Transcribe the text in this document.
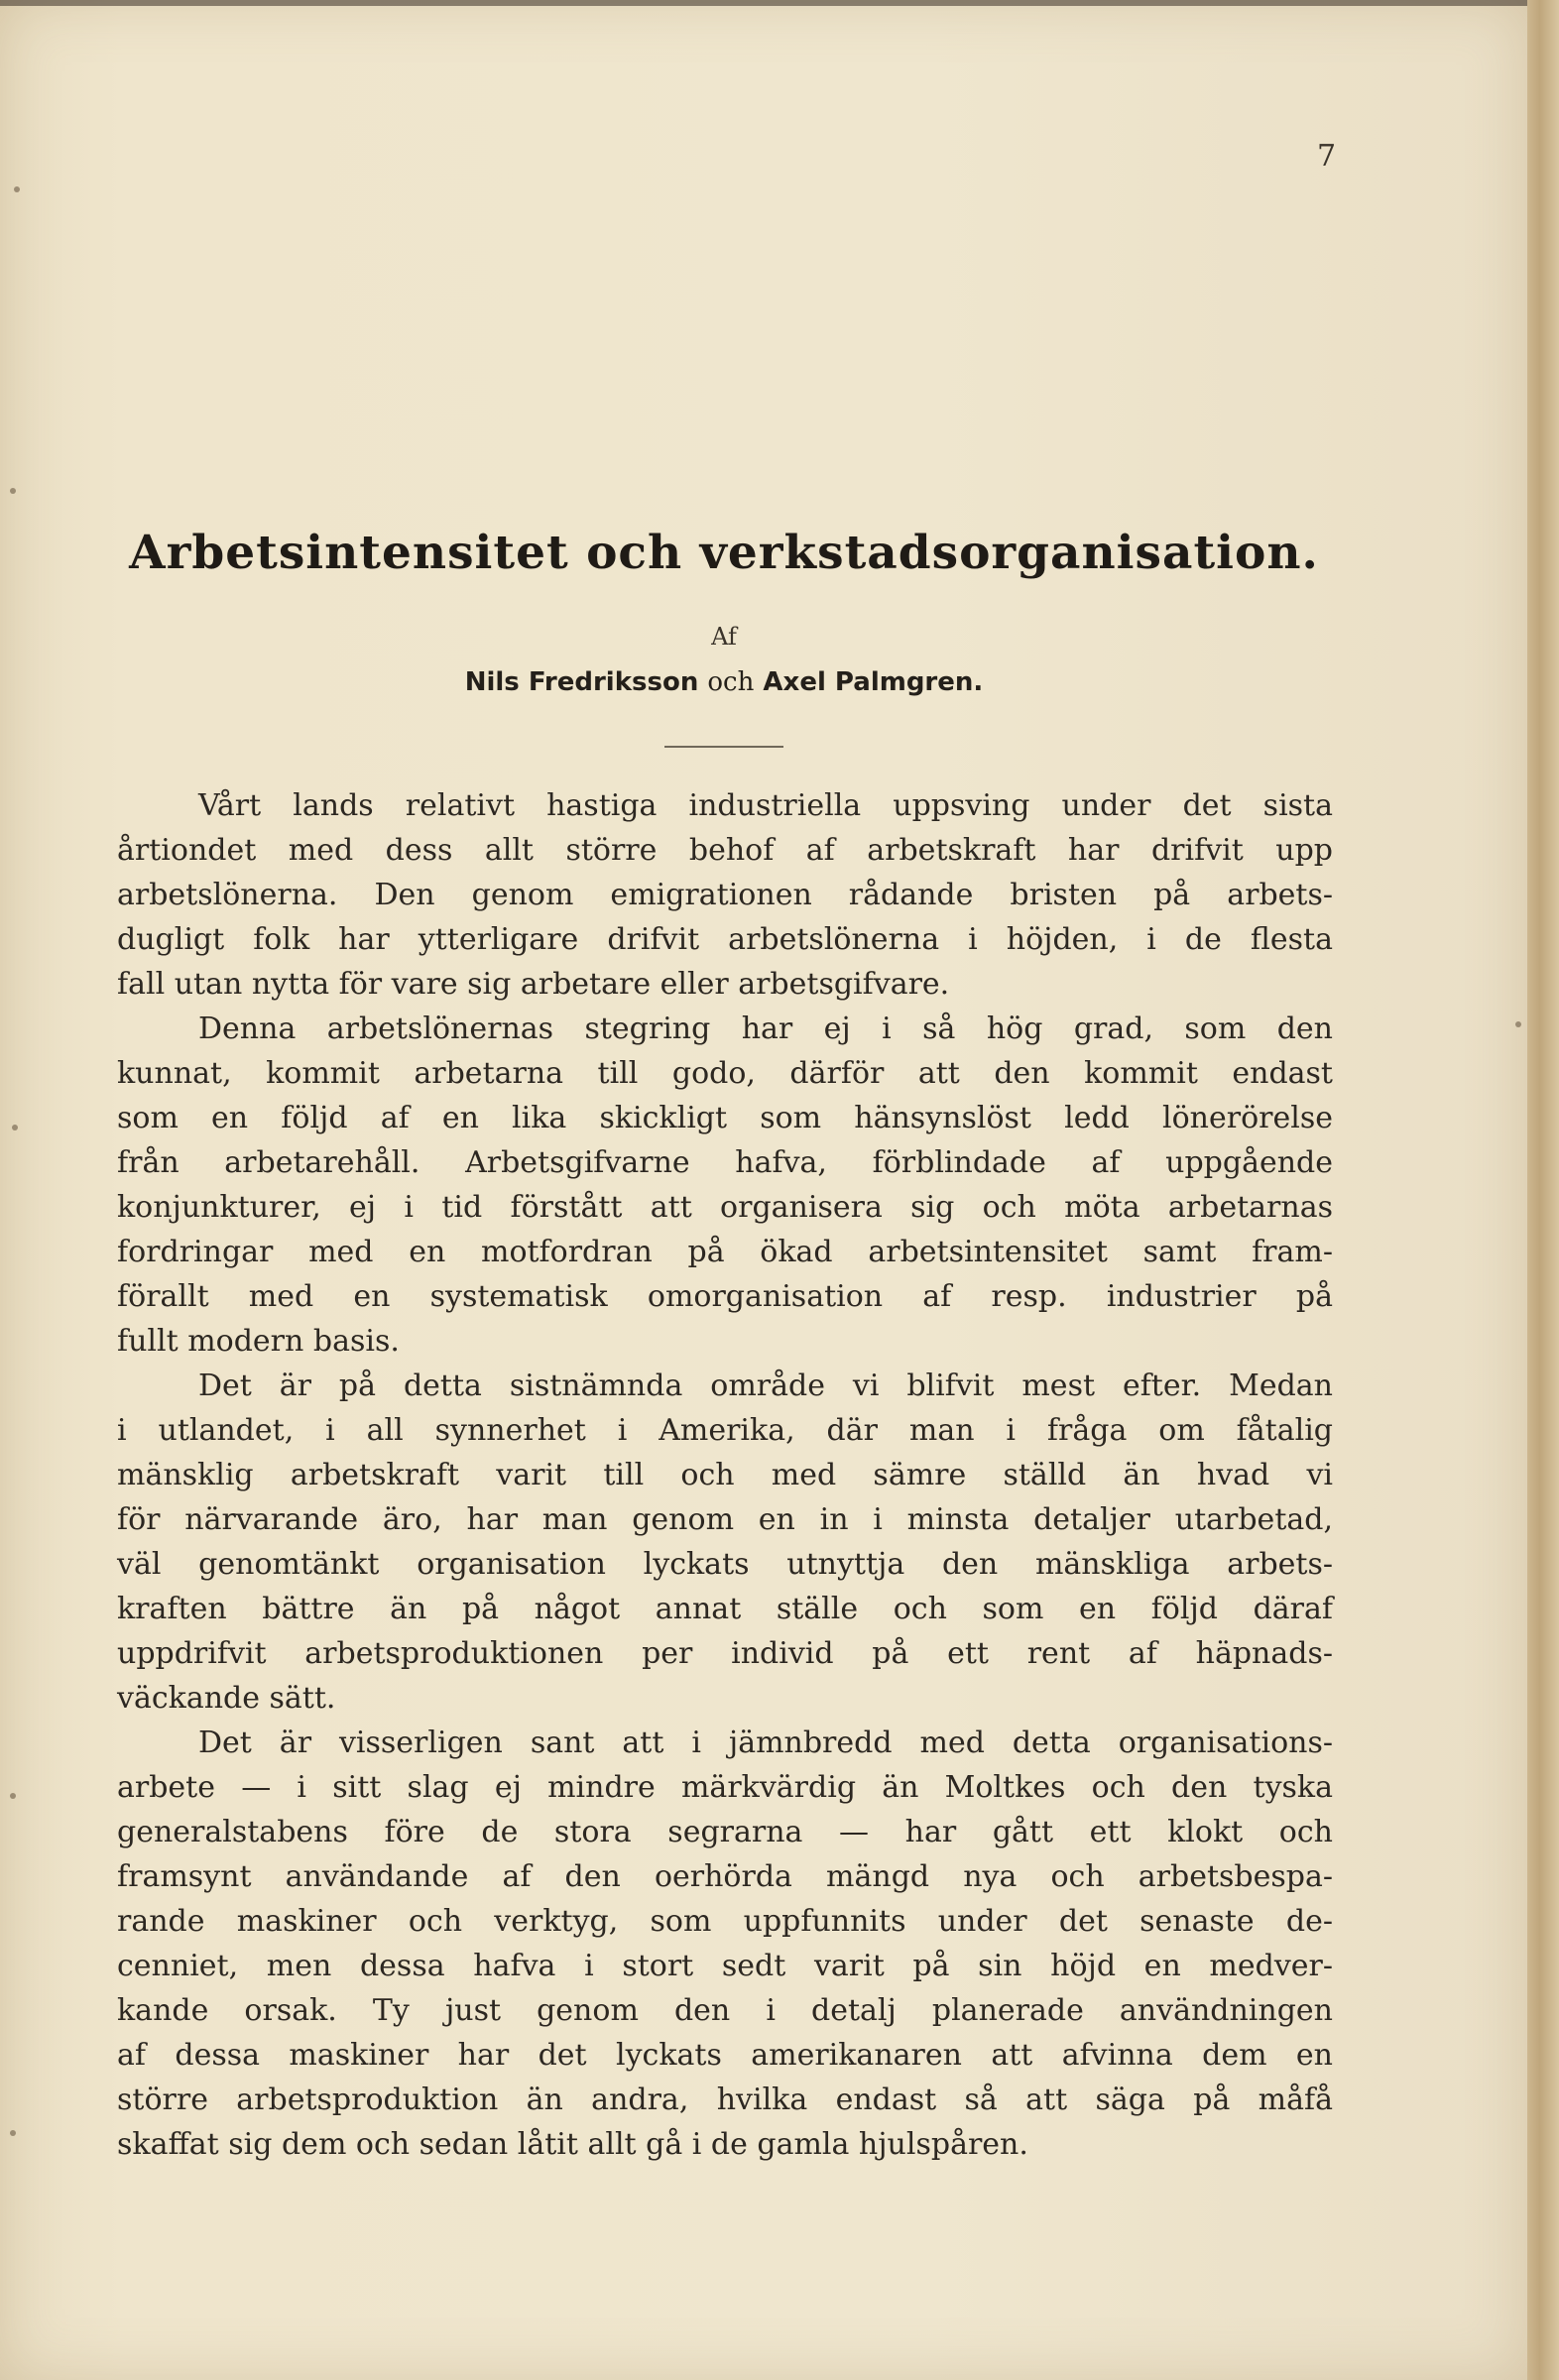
7
Arbetsintensitet och verkstadsorganisation.
Af
Nils Fredriksson och Axel Palmgren.
Vårt lands relativt hastiga industriella uppsving under det sista
årtiondet med dess allt större behof af arbetskraft har drifvit upp
arbetslönerna. Den genom emigrationen rådande bristen på arbets-
dugligt folk har ytterligare drifvit arbetslönerna i höjden, i de flesta
fall utan nytta för vare sig arbetare eller arbetsgifvare.
Denna arbetslönernas stegring har ej i så hög grad, som den
kunnat, kommit arbetarna till godo, därför att den kommit endast
som en följd af en lika skickligt som hänsynslöst ledd lönerörelse
från arbetarehåll. Arbetsgifvarne hafva, förblindade af uppgående
konjunkturer, ej i tid förstått att organisera sig och möta arbetarnas
fordringar med en motfordran på ökad arbetsintensitet samt fram-
förallt med en systematisk omorganisation af resp. industrier på
fullt modern basis.
Det är på detta sistnämnda område vi blifvit mest efter. Medan
i utlandet, i all synnerhet i Amerika, där man i fråga om fåtalig
mänsklig arbetskraft varit till och med sämre ställd än hvad vi
för närvarande äro, har man genom en in i minsta detaljer utarbetad,
väl genomtänkt organisation lyckats utnyttja den mänskliga arbets-
kraften bättre än på något annat ställe och som en följd däraf
uppdrifvit arbetsproduktionen per individ på ett rent af häpnads-
väckande sätt.
Det är visserligen sant att i jämnbredd med detta organisations-
arbete — i sitt slag ej mindre märkvärdig än Moltkes och den tyska
generalstabens före de stora segrarna — har gått ett klokt och
framsynt användande af den oerhörda mängd nya och arbetsbespa-
rande maskiner och verktyg, som uppfunnits under det senaste de-
cenniet, men dessa hafva i stort sedt varit på sin höjd en medver-
kande orsak. Ty just genom den i detalj planerade användningen
af dessa maskiner har det lyckats amerikanaren att afvinna dem en
större arbetsproduktion än andra, hvilka endast så att säga på måfå
skaffat sig dem och sedan låtit allt gå i de gamla hjulspåren.
